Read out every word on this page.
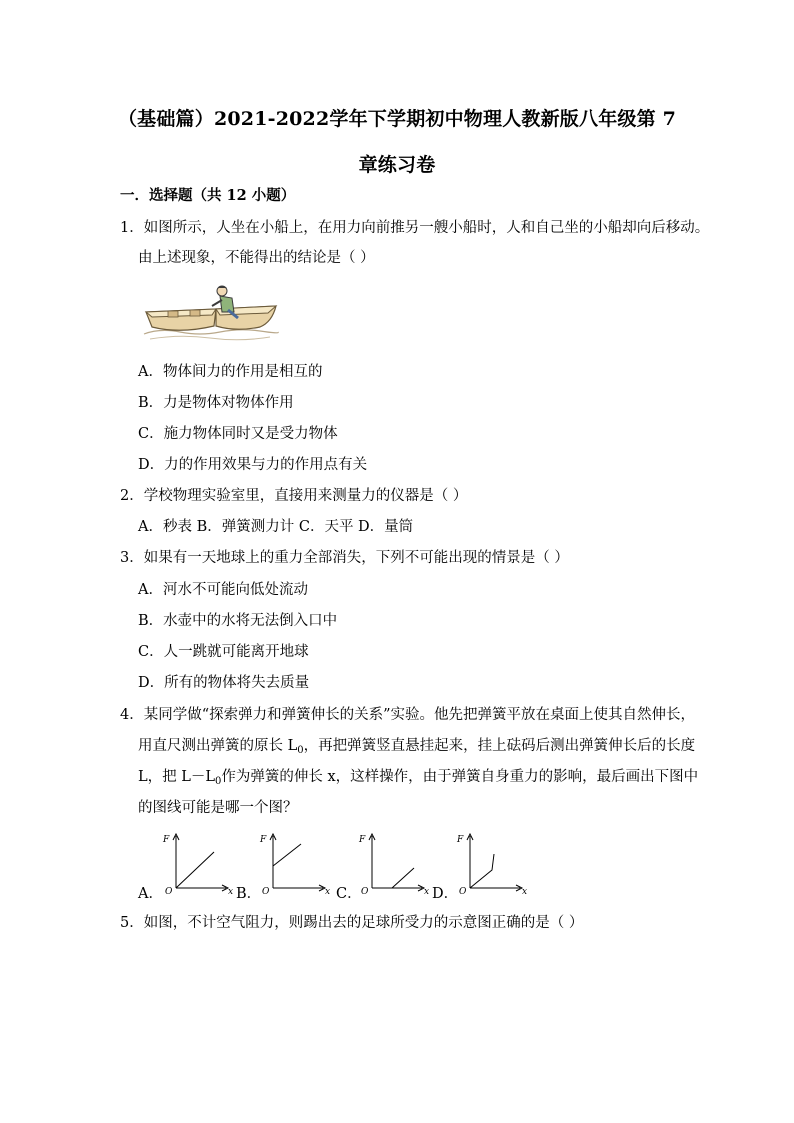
（基础篇）2021-2022学年下学期初中物理人教新版八年级第 7
章练习卷
一．选择题（共 12 小题）
1．如图所示，人坐在小船上，在用力向前推另一艘小船时，人和自己坐的小船却向后移动。
由上述现象，不能得出的结论是（ ）
A．物体间力的作用是相互的
B．力是物体对物体作用
C．施力物体同时又是受力物体
D．力的作用效果与力的作用点有关
2．学校物理实验室里，直接用来测量力的仪器是（ ）
A．秒表 B．弹簧测力计 C．天平 D．量筒
3．如果有一天地球上的重力全部消失，下列不可能出现的情景是（ ）
A．河水不可能向低处流动
B．水壶中的水将无法倒入口中
C．人一跳就可能离开地球
D．所有的物体将失去质量
4．某同学做“探索弹力和弹簧伸长的关系”实验。他先把弹簧平放在桌面上使其自然伸长，
用直尺测出弹簧的原长 $L_0$，再把弹簧竖直悬挂起来，挂上砝码后测出弹簧伸长后的长度
L，把 $L-L_0$作为弹簧的伸长 x，这样操作，由于弹簧自身重力的影响，最后画出下图中
的图线可能是哪一个图？
A．	B．	C．	D．
F
x
O
F
x
O
F
x
O
F
x
O
5．如图，不计空气阻力，则踢出去的足球所受力的示意图正确的是（ ）
